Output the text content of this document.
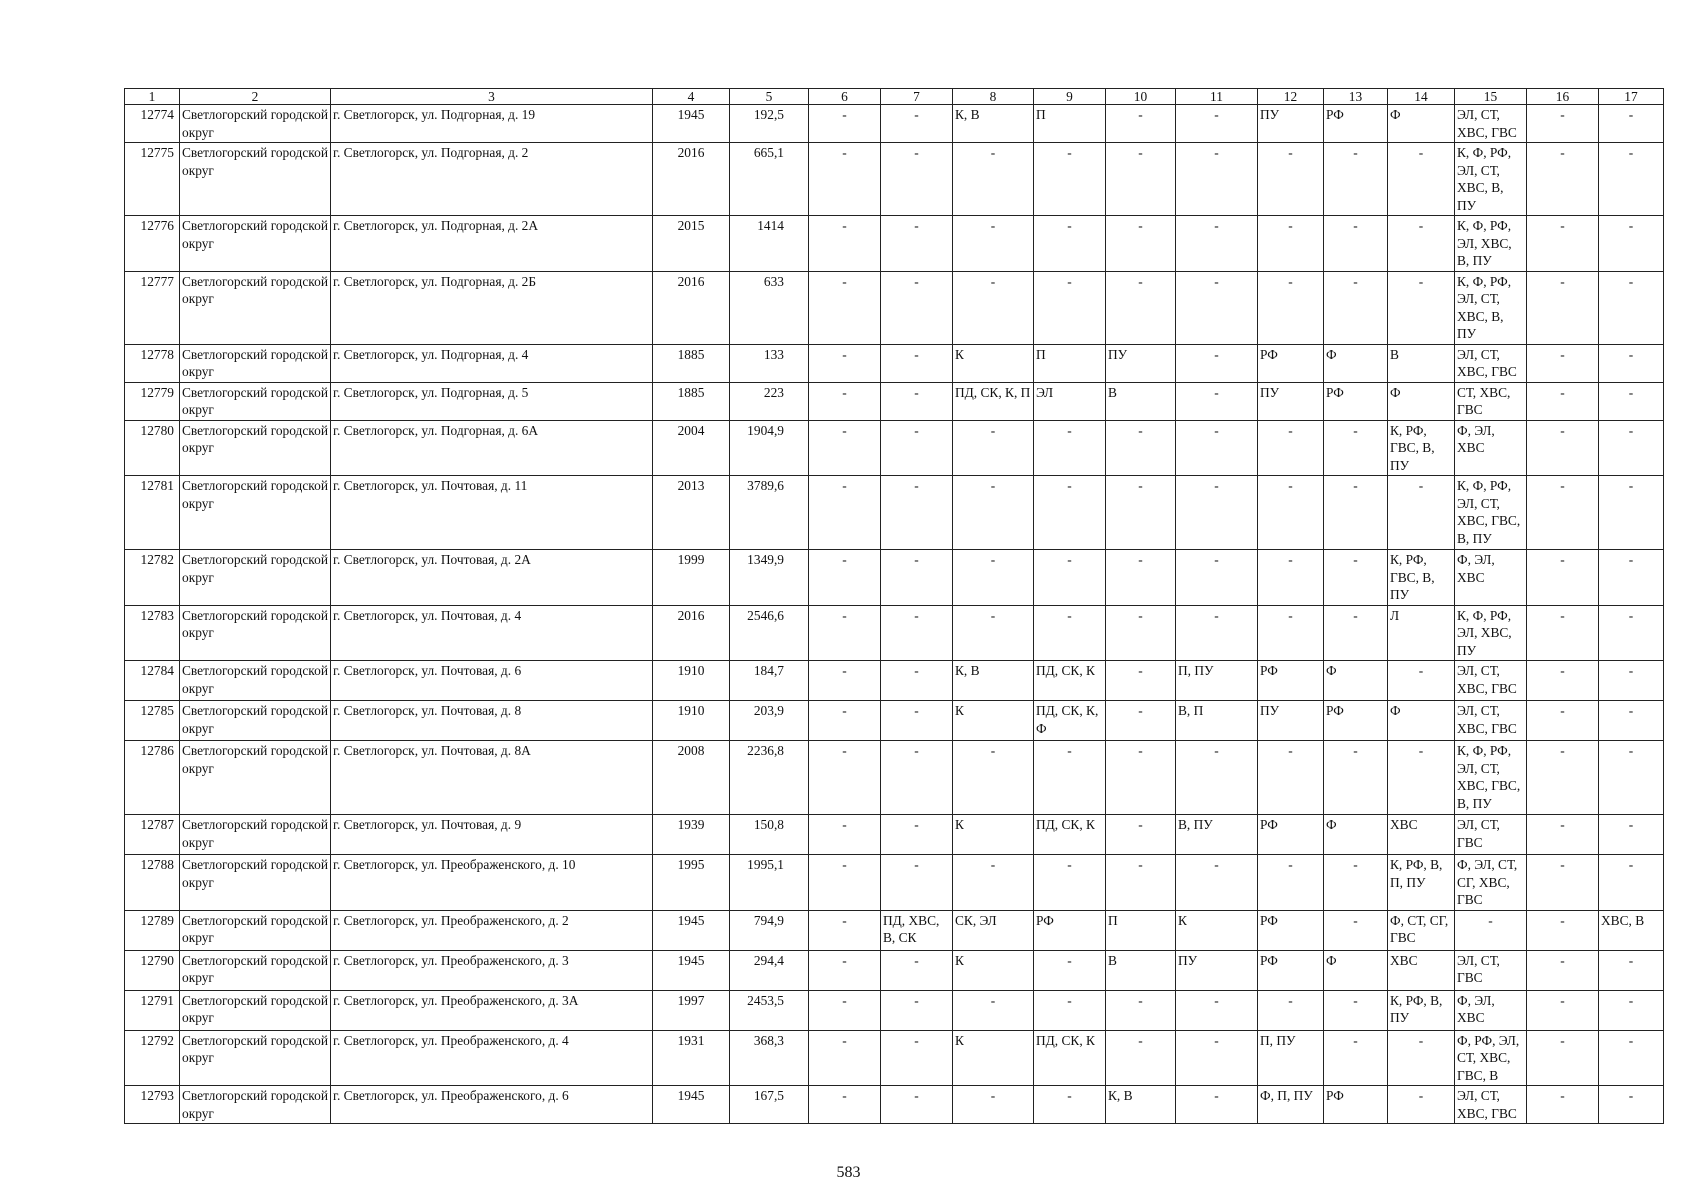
1	2	3	4	5	6	7	8	9	10	11	12	13	14	15	16	17
12774	Светлогорский городской округ	г. Светлогорск, ул. Подгорная, д. 19	1945	192,5	-	-	К, В	П	-	-	ПУ	РФ	Ф	ЭЛ, СТ, ХВС, ГВС	-	-
12775	Светлогорский городской округ	г. Светлогорск, ул. Подгорная, д. 2	2016	665,1	-	-	-	-	-	-	-	-	-	К, Ф, РФ, ЭЛ, СТ, ХВС, В, ПУ	-	-
12776	Светлогорский городской округ	г. Светлогорск, ул. Подгорная, д. 2А	2015	1414	-	-	-	-	-	-	-	-	-	К, Ф, РФ, ЭЛ, ХВС, В, ПУ	-	-
12777	Светлогорский городской округ	г. Светлогорск, ул. Подгорная, д. 2Б	2016	633	-	-	-	-	-	-	-	-	-	К, Ф, РФ, ЭЛ, СТ, ХВС, В, ПУ	-	-
12778	Светлогорский городской округ	г. Светлогорск, ул. Подгорная, д. 4	1885	133	-	-	К	П	ПУ	-	РФ	Ф	В	ЭЛ, СТ, ХВС, ГВС	-	-
12779	Светлогорский городской округ	г. Светлогорск, ул. Подгорная, д. 5	1885	223	-	-	ПД, СК, К, П	ЭЛ	В	-	ПУ	РФ	Ф	СТ, ХВС, ГВС	-	-
12780	Светлогорский городской округ	г. Светлогорск, ул. Подгорная, д. 6А	2004	1904,9	-	-	-	-	-	-	-	-	К, РФ, ГВС, В, ПУ	Ф, ЭЛ, ХВС	-	-
12781	Светлогорский городской округ	г. Светлогорск, ул. Почтовая, д. 11	2013	3789,6	-	-	-	-	-	-	-	-	-	К, Ф, РФ, ЭЛ, СТ, ХВС, ГВС, В, ПУ	-	-
12782	Светлогорский городской округ	г. Светлогорск, ул. Почтовая, д. 2А	1999	1349,9	-	-	-	-	-	-	-	-	К, РФ, ГВС, В, ПУ	Ф, ЭЛ, ХВС	-	-
12783	Светлогорский городской округ	г. Светлогорск, ул. Почтовая, д. 4	2016	2546,6	-	-	-	-	-	-	-	-	Л	К, Ф, РФ, ЭЛ, ХВС, ПУ	-	-
12784	Светлогорский городской округ	г. Светлогорск, ул. Почтовая, д. 6	1910	184,7	-	-	К, В	ПД, СК, К	-	П, ПУ	РФ	Ф	-	ЭЛ, СТ, ХВС, ГВС	-	-
12785	Светлогорский городской округ	г. Светлогорск, ул. Почтовая, д. 8	1910	203,9	-	-	К	ПД, СК, К, Ф	-	В, П	ПУ	РФ	Ф	ЭЛ, СТ, ХВС, ГВС	-	-
12786	Светлогорский городской округ	г. Светлогорск, ул. Почтовая, д. 8А	2008	2236,8	-	-	-	-	-	-	-	-	-	К, Ф, РФ, ЭЛ, СТ, ХВС, ГВС, В, ПУ	-	-
12787	Светлогорский городской округ	г. Светлогорск, ул. Почтовая, д. 9	1939	150,8	-	-	К	ПД, СК, К	-	В, ПУ	РФ	Ф	ХВС	ЭЛ, СТ, ГВС	-	-
12788	Светлогорский городской округ	г. Светлогорск, ул. Преображенского, д. 10	1995	1995,1	-	-	-	-	-	-	-	-	К, РФ, В, П, ПУ	Ф, ЭЛ, СТ, СГ, ХВС, ГВС	-	-
12789	Светлогорский городской округ	г. Светлогорск, ул. Преображенского, д. 2	1945	794,9	-	ПД, ХВС, В, СК	СК, ЭЛ	РФ	П	К	РФ	-	Ф, СТ, СГ, ГВС	-	-	ХВС, В
12790	Светлогорский городской округ	г. Светлогорск, ул. Преображенского, д. 3	1945	294,4	-	-	К	-	В	ПУ	РФ	Ф	ХВС	ЭЛ, СТ, ГВС	-	-
12791	Светлогорский городской округ	г. Светлогорск, ул. Преображенского, д. 3А	1997	2453,5	-	-	-	-	-	-	-	-	К, РФ, В, ПУ	Ф, ЭЛ, ХВС	-	-
12792	Светлогорский городской округ	г. Светлогорск, ул. Преображенского, д. 4	1931	368,3	-	-	К	ПД, СК, К	-	-	П, ПУ	-	-	Ф, РФ, ЭЛ, СТ, ХВС, ГВС, В	-	-
12793	Светлогорский городской округ	г. Светлогорск, ул. Преображенского, д. 6	1945	167,5	-	-	-	-	К, В	-	Ф, П, ПУ	РФ	-	ЭЛ, СТ, ХВС, ГВС	-	-
583
